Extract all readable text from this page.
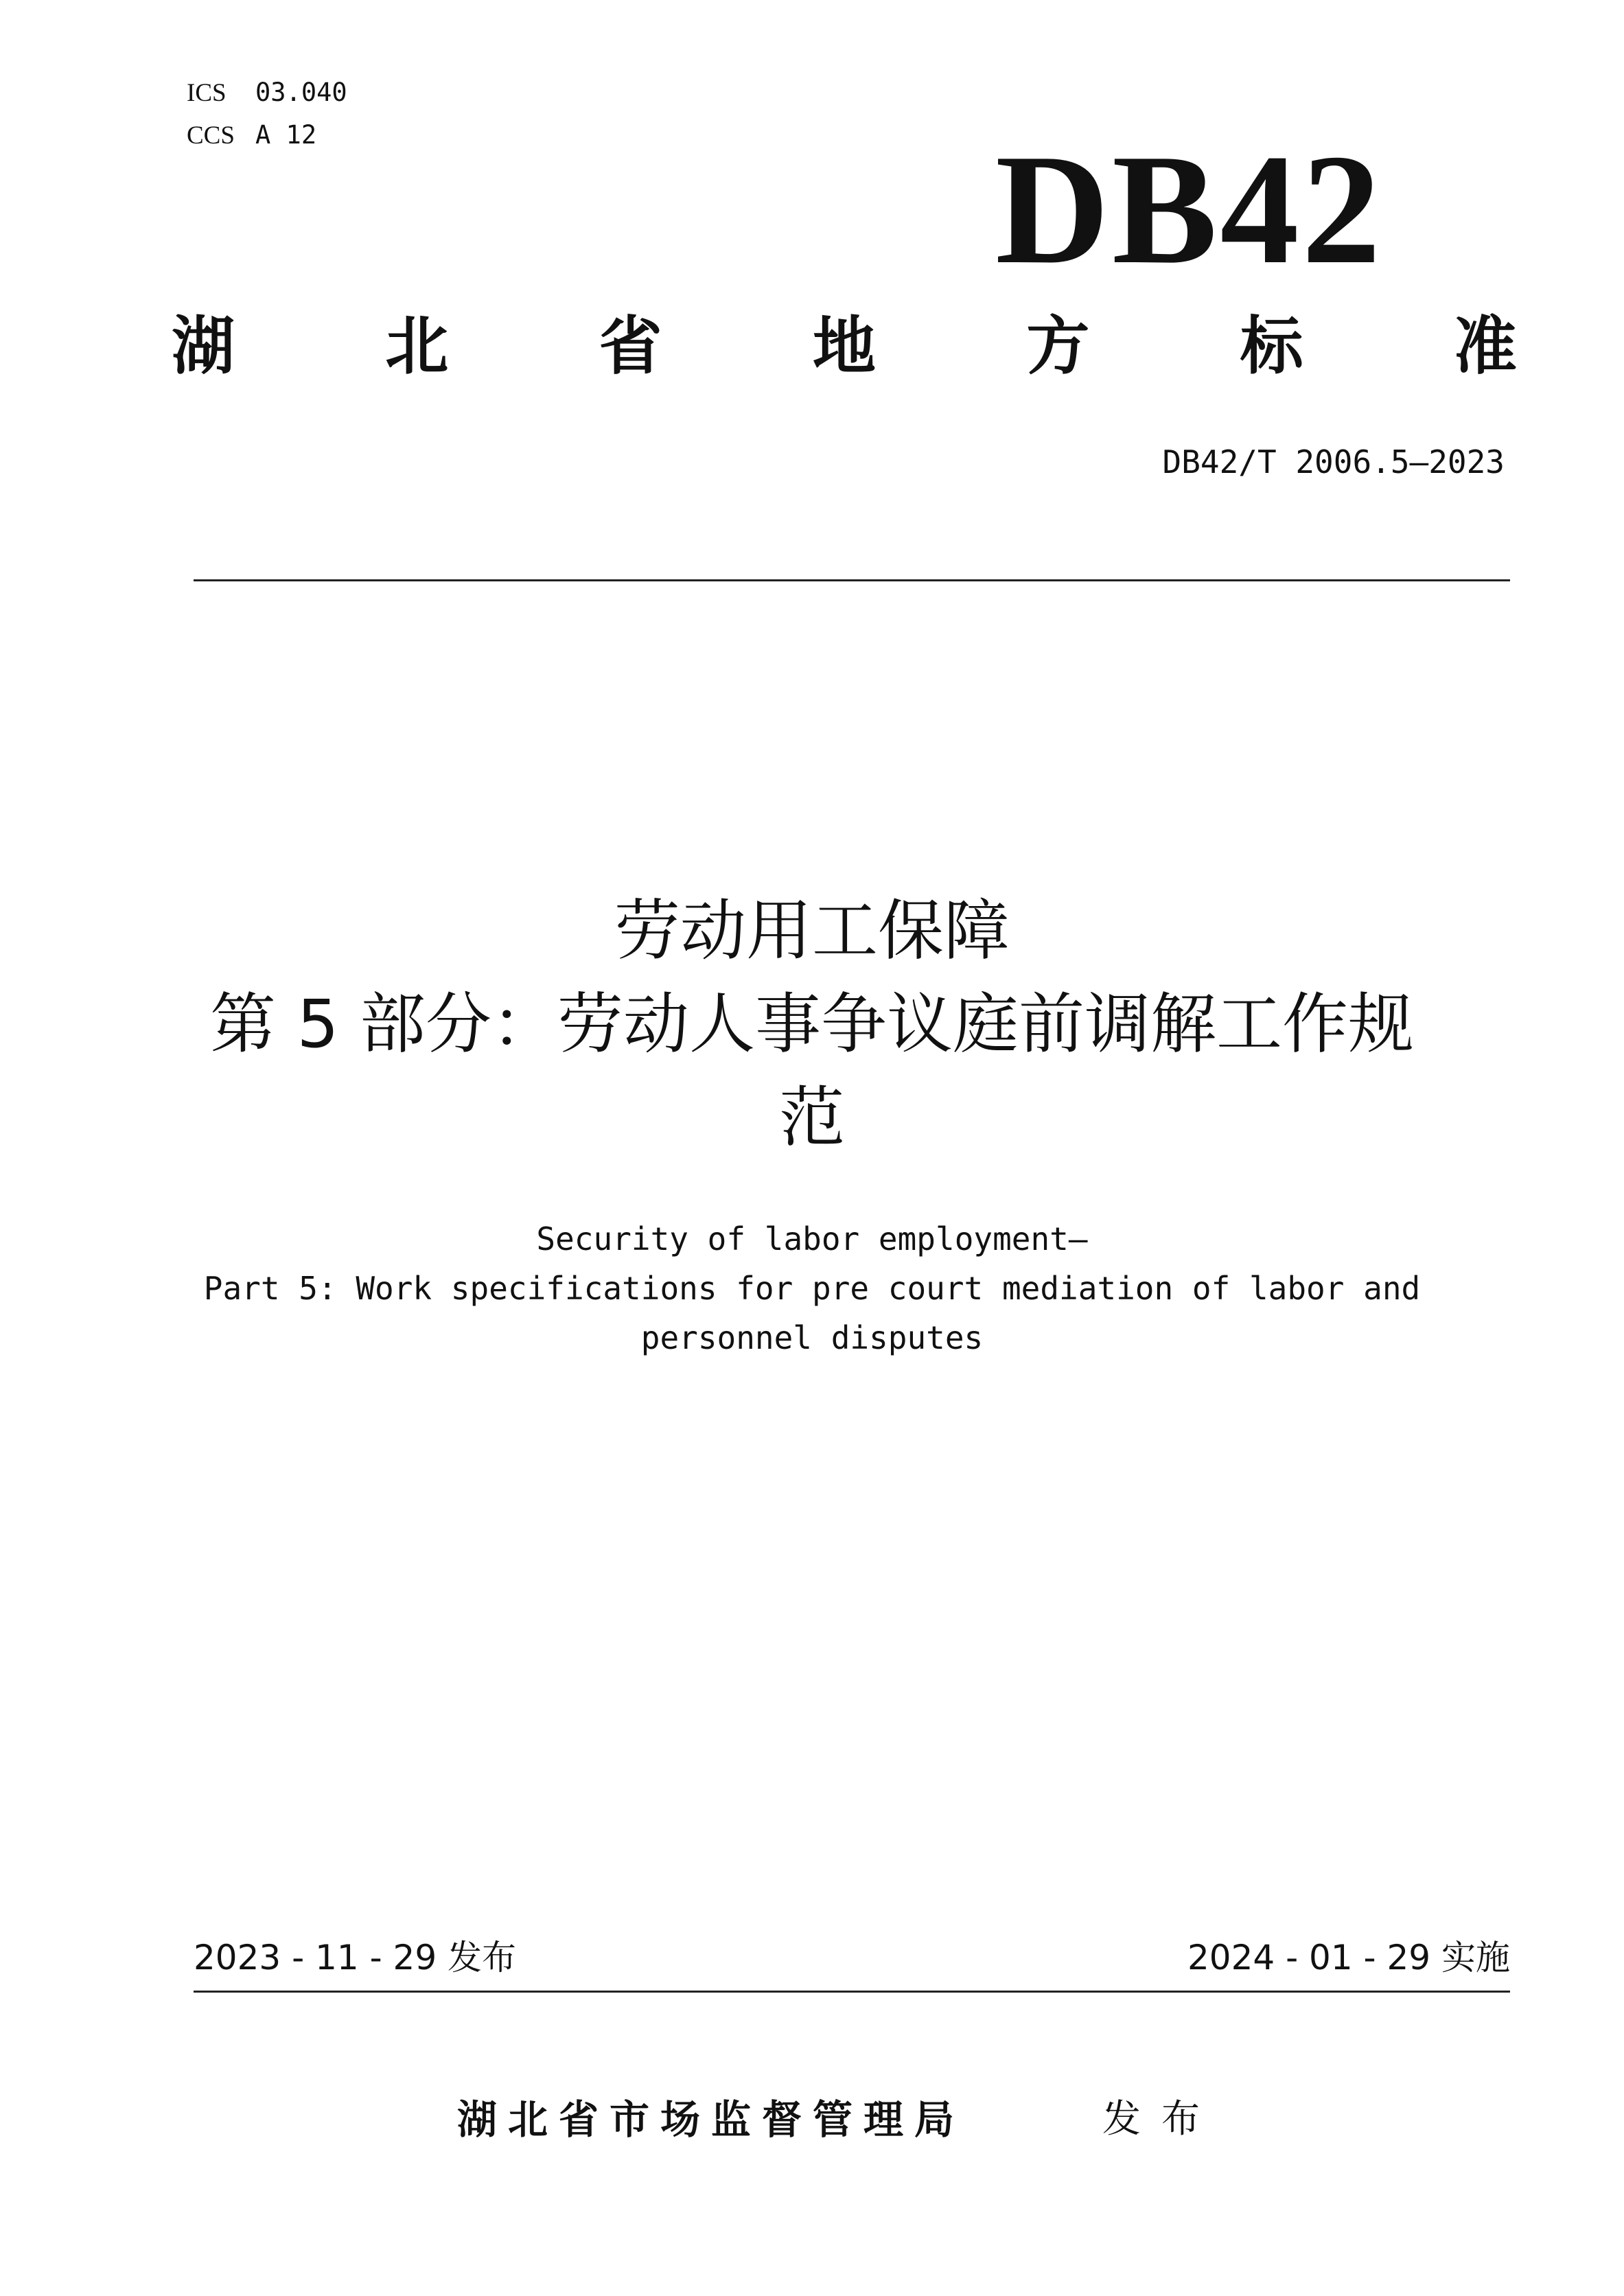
ICS 03.040
CCS A 12	DB42
湖 北 省 地 方 标 准
DB42/T 2006.5—2023
劳动用工保障
第 5 部分：劳动人事争议庭前调解工作规
范
Security of labor employment—
Part 5: Work specifications for pre court mediation of labor and
personnel disputes
2023 - 11 - 29 发布	2024 - 01 - 29 实施
湖北省市场监督管理局	发布
